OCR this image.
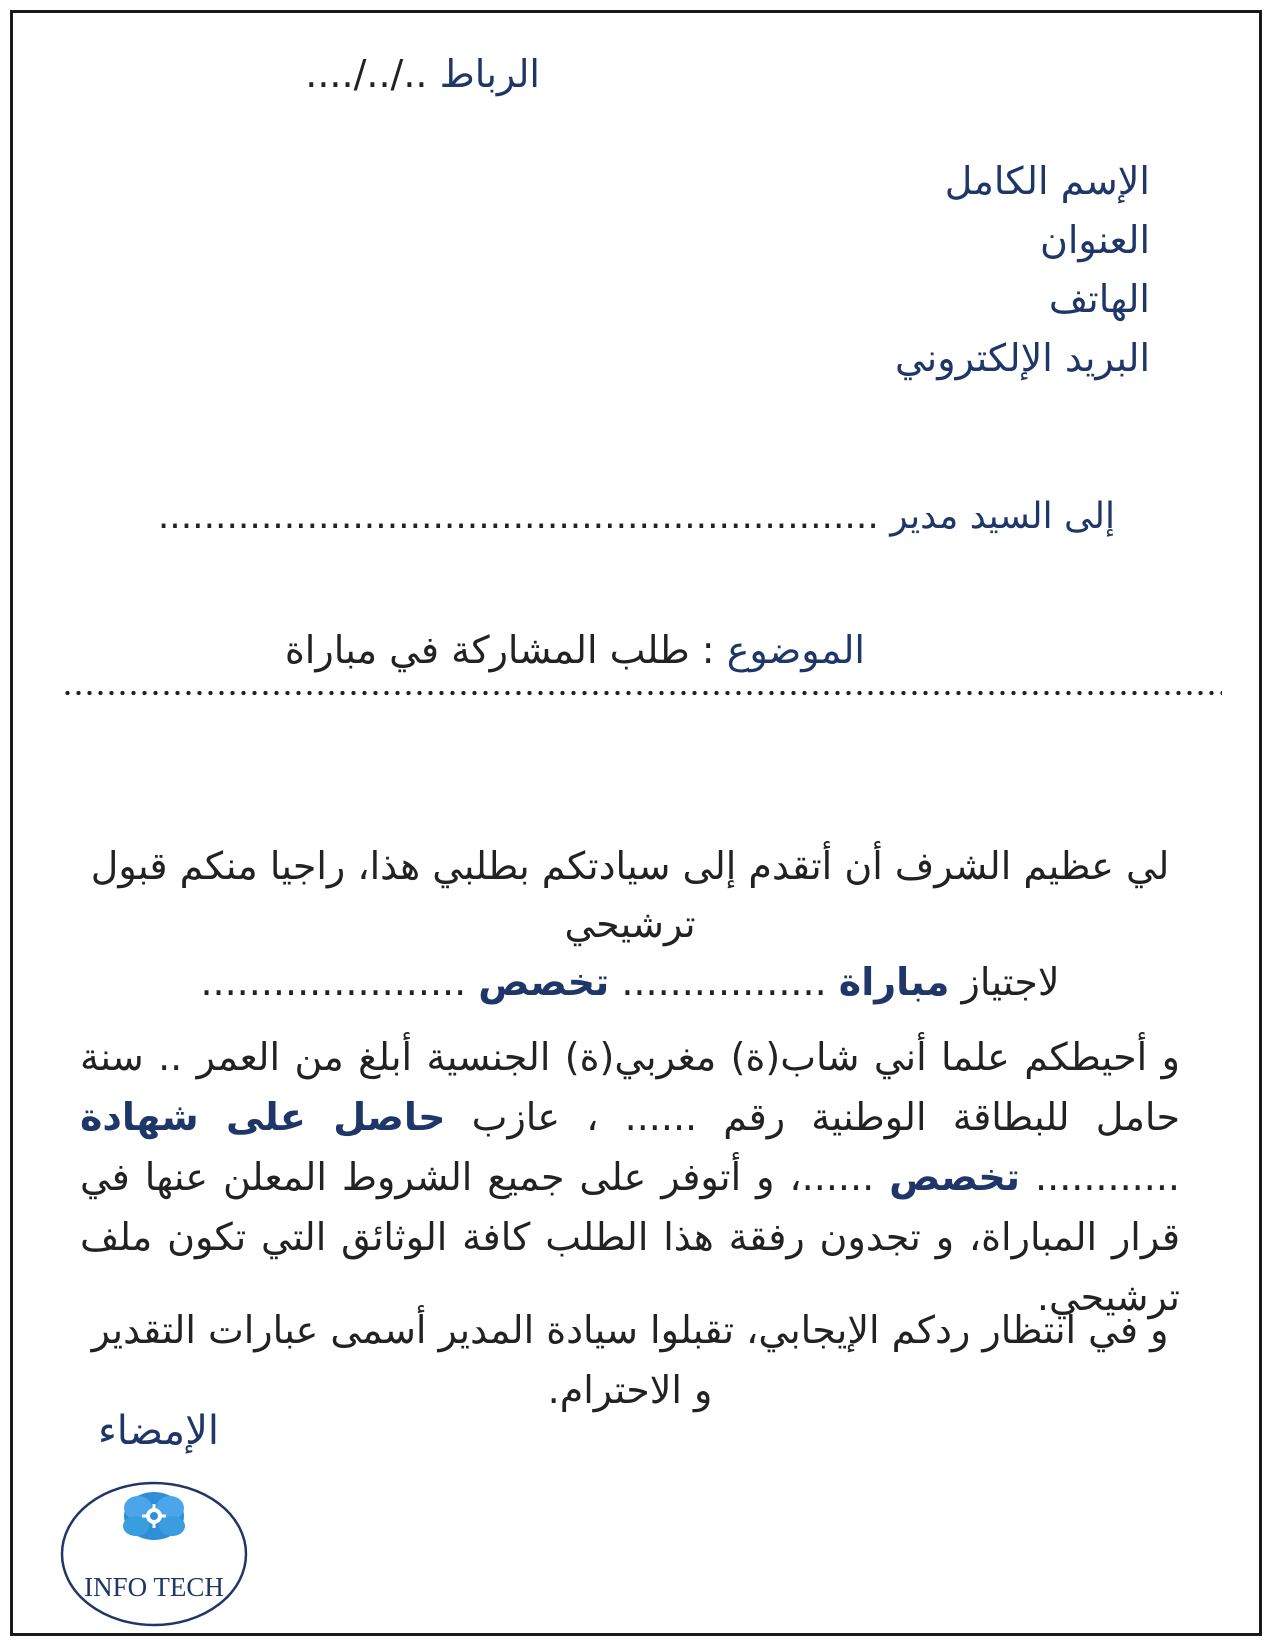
الرباط ..../../..
الإسم الكامل
العنوان
الهاتف
البريد الإلكتروني
إلى السيد مدير ...............................................................
الموضوع : طلب المشاركة في مباراة
لي عظيم الشرف أن أتقدم إلى سيادتكم بطلبي هذا، راجيا منكم قبول ترشيحي
لاجتياز مباراة ................. تخصص ......................
و أحيطكم علما أني شاب(ة) مغربي(ة) الجنسية أبلغ من العمر .. سنة حامل للبطاقة الوطنية رقم ...... ، عازب حاصل على شهادة ............ تخصص ......، و أتوفر على جميع الشروط المعلن عنها في قرار المباراة، و تجدون رفقة هذا الطلب كافة الوثائق التي تكون ملف ترشيحي.
و في انتظار ردكم الإيجابي، تقبلوا سيادة المدير أسمى عبارات التقدير و الاحترام.
الإمضاء
INFO TECH
